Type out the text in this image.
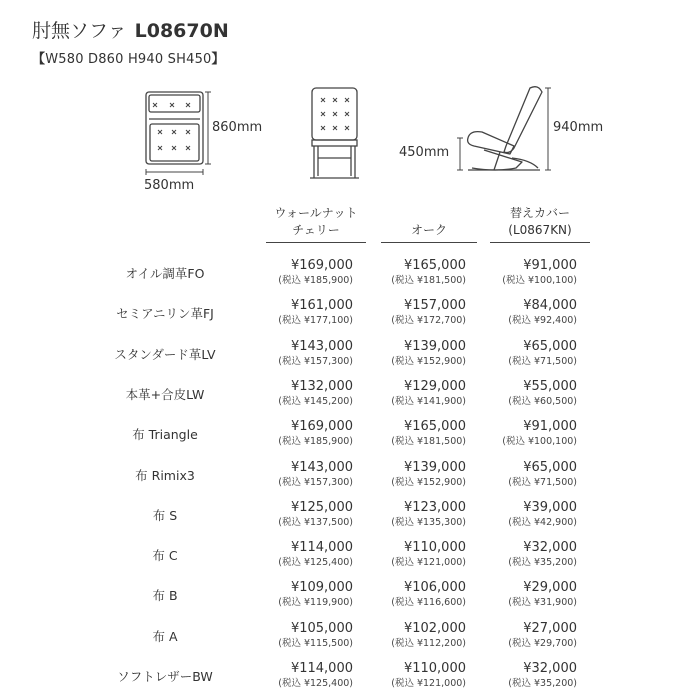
肘無ソファ L08670N
【W580 D860 H940 SH450】
860mm
580mm
940mm
450mm
ウォールナット
チェリー	オーク
替えカバー
(L0867KN)
オイル調革FO
¥169,000
(税込 ¥185,900)
¥165,000
(税込 ¥181,500)
¥91,000
(税込 ¥100,100)
セミアニリン革FJ
¥161,000
(税込 ¥177,100)
¥157,000
(税込 ¥172,700)
¥84,000
(税込 ¥92,400)
スタンダード革LV
¥143,000
(税込 ¥157,300)
¥139,000
(税込 ¥152,900)
¥65,000
(税込 ¥71,500)
本革+合皮LW
¥132,000
(税込 ¥145,200)
¥129,000
(税込 ¥141,900)
¥55,000
(税込 ¥60,500)
布 Triangle
¥169,000
(税込 ¥185,900)
¥165,000
(税込 ¥181,500)
¥91,000
(税込 ¥100,100)
布 Rimix3
¥143,000
(税込 ¥157,300)
¥139,000
(税込 ¥152,900)
¥65,000
(税込 ¥71,500)
布 S
¥125,000
(税込 ¥137,500)
¥123,000
(税込 ¥135,300)
¥39,000
(税込 ¥42,900)
布 C
¥114,000
(税込 ¥125,400)
¥110,000
(税込 ¥121,000)
¥32,000
(税込 ¥35,200)
布 B
¥109,000
(税込 ¥119,900)
¥106,000
(税込 ¥116,600)
¥29,000
(税込 ¥31,900)
布 A
¥105,000
(税込 ¥115,500)
¥102,000
(税込 ¥112,200)
¥27,000
(税込 ¥29,700)
ソフトレザーBW
¥114,000
(税込 ¥125,400)
¥110,000
(税込 ¥121,000)
¥32,000
(税込 ¥35,200)
